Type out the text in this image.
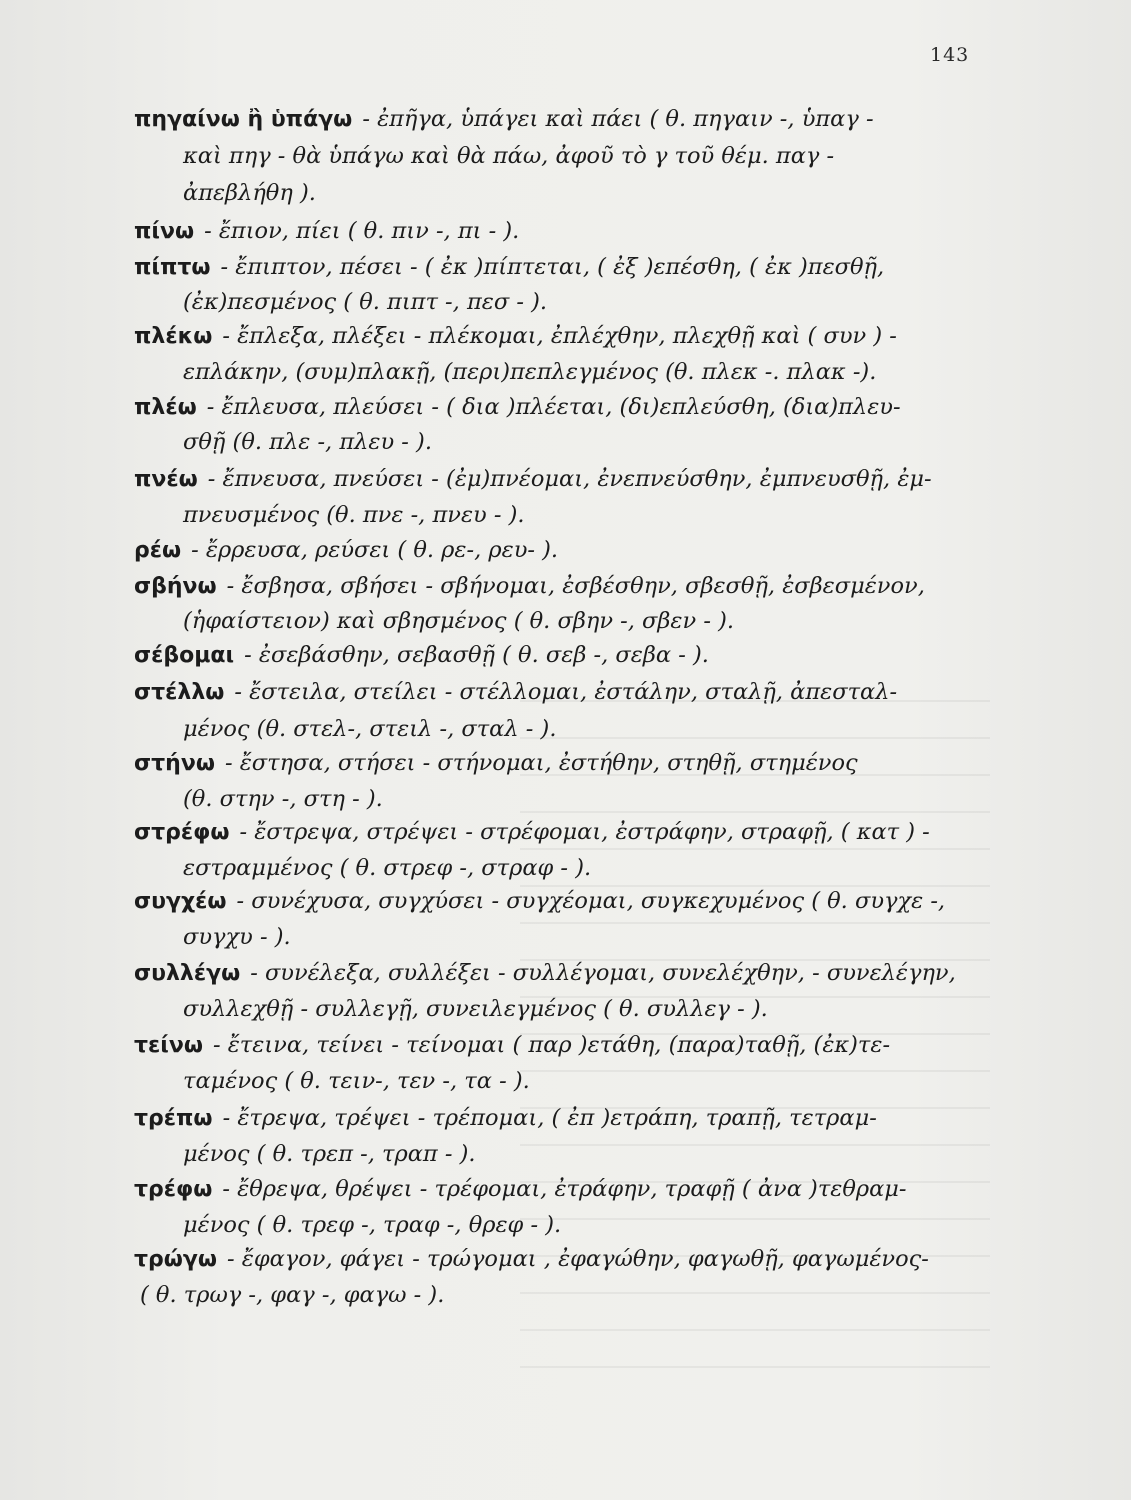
143
πηγαίνω ἢ ὑπάγω - ἐπῆγα, ὑπάγει καὶ πάει ( θ. πηγαιν -, ὑπαγ -
καὶ πηγ - θὰ ὑπάγω καὶ θὰ πάω, ἀφοῦ τὸ γ τοῦ θέμ. παγ -
ἀπεβλήθη ).
πίνω - ἔπιον, πίει ( θ. πιν -, πι - ).
πίπτω - ἔπιπτον, πέσει - ( ἐκ )πίπτεται, ( ἐξ )επέσθη, ( ἐκ )πεσθῇ,
(ἐκ)πεσμένος ( θ. πιπτ -, πεσ - ).
πλέκω - ἔπλεξα, πλέξει - πλέκομαι, ἐπλέχθην, πλεχθῇ καὶ ( συν ) -
επλάκην, (συμ)πλακῇ, (περι)πεπλεγμένος (θ. πλεκ -. πλακ -).
πλέω - ἔπλευσα, πλεύσει - ( δια )πλέεται, (δι)επλεύσθη, (δια)πλευ-
σθῇ (θ. πλε -, πλευ - ).
πνέω - ἔπνευσα, πνεύσει - (ἐμ)πνέομαι, ἐνεπνεύσθην, ἐμπνευσθῇ, ἐμ-
πνευσμένος (θ. πνε -, πνευ - ).
ρέω - ἔρρευσα, ρεύσει ( θ. ρε-, ρευ- ).
σβήνω - ἔσβησα, σβήσει - σβήνομαι, ἐσβέσθην, σβεσθῇ, ἐσβεσμένον,
(ἡφαίστειον) καὶ σβησμένος ( θ. σβην -, σβεν - ).
σέβομαι - ἐσεβάσθην, σεβασθῇ ( θ. σεβ -, σεβα - ).
στέλλω - ἔστειλα, στείλει - στέλλομαι, ἐστάλην, σταλῇ, ἀπεσταλ-
μένος (θ. στελ-, στειλ -, σταλ - ).
στήνω - ἔστησα, στήσει - στήνομαι, ἐστήθην, στηθῇ, στημένος
(θ. στην -, στη - ).
στρέφω - ἔστρεψα, στρέψει - στρέφομαι, ἐστράφην, στραφῇ, ( κατ ) -
εστραμμένος ( θ. στρεφ -, στραφ - ).
συγχέω - συνέχυσα, συγχύσει - συγχέομαι, συγκεχυμένος ( θ. συγχε -,
συγχυ - ).
συλλέγω - συνέλεξα, συλλέξει - συλλέγομαι, συνελέχθην, - συνελέγην,
συλλεχθῇ - συλλεγῇ, συνειλεγμένος ( θ. συλλεγ - ).
τείνω - ἔτεινα, τείνει - τείνομαι ( παρ )ετάθη, (παρα)ταθῇ, (ἐκ)τε-
ταμένος ( θ. τειν-, τεν -, τα - ).
τρέπω - ἔτρεψα, τρέψει - τρέπομαι, ( ἐπ )ετράπη, τραπῇ, τετραμ-
μένος ( θ. τρεπ -, τραπ - ).
τρέφω - ἔθρεψα, θρέψει - τρέφομαι, ἐτράφην, τραφῇ ( ἀνα )τεθραμ-
μένος ( θ. τρεφ -, τραφ -, θρεφ - ).
τρώγω - ἔφαγον, φάγει - τρώγομαι , ἐφαγώθην, φαγωθῇ, φαγωμένος-
( θ. τρωγ -, φαγ -, φαγω - ).
